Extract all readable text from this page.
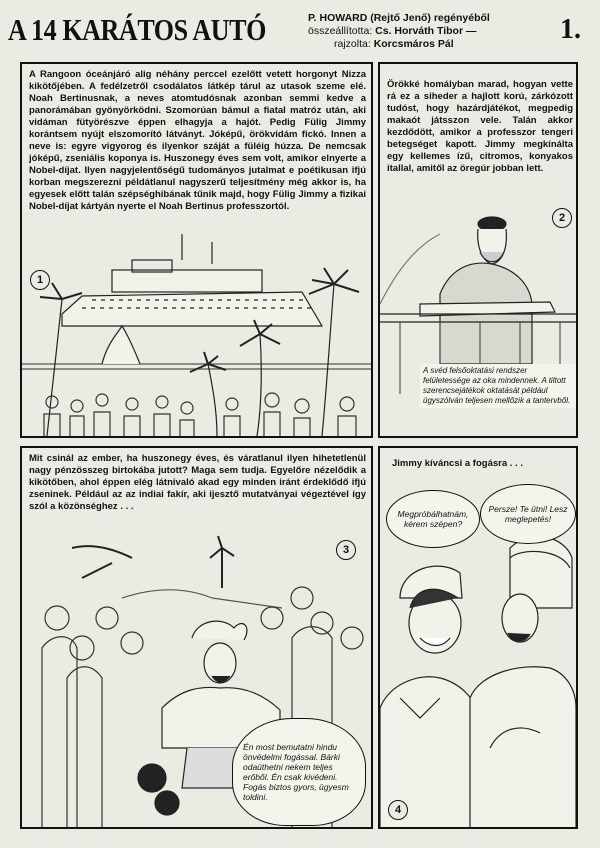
A 14 KARÁTOS AUTÓ	P. HOWARD (Rejtő Jenő) regényéből
összeállította: Cs. Horváth Tibor —
rajzolta: Korcsmáros Pál	1.
A Rangoon óceánjáró alig néhány perccel ezelőtt vetett horgonyt Nizza kikötőjében. A fedélzetről csodálatos látkép tárul az utasok szeme elé. Noah Bertinusnak, a neves atomtudósnak azonban semmi kedve a panorámában gyönyörködni. Szomorúan bámul a fiatal matróz után, aki vidáman fütyörészve éppen elhagyja a hajót. Pedig Fülig Jimmy korántsem nyújt elszomorító látványt. Jóképű, örökvidám fickó. Innen a neve is: egyre vigyorog és ilyenkor száját a füléig húzza. De nemcsak jóképű, zseniális koponya is. Huszonegy éves sem volt, amikor elnyerte a Nobel-díjat. Ilyen nagyjelentőségű tudományos jutalmat e poétikusan ifjú korban megszerezni példátlanul nagyszerű teljesítmény még akkor is, ha egyesek előtt talán szépséghibának tűnik majd, hogy Fülig Jimmy a fizikai Nobel-díjat kártyán nyerte el Noah Bertinus professzortól.
1
Örökké homályban marad, hogyan vette rá ez a siheder a hajlott korú, zárkózott tudóst, hogy hazárdjátékot, megpedig makaót játsszon vele. Talán akkor kezdődött, amikor a professzor tengeri betegséget kapott. Jimmy megkínálta egy kellemes ízű, citromos, konyakos itallal, amitől az öregúr jobban lett.
2
A svéd felsőoktatási rendszer felületessége az oka mindennek. A tiltott szerencsejátékok oktatását például úgyszólván teljesen mellőzik a tantervből.
Mit csinál az ember, ha huszonegy éves, és váratlanul ilyen hihetetlenül nagy pénzösszeg birtokába jutott? Maga sem tudja. Egyelőre nézelődik a kikötőben, ahol éppen elég látnivaló akad egy minden iránt érdeklődő ifjú zseninek. Például az az indiai fakír, aki ijesztő mutatványai végeztével így szól a közönséghez . . .
3
Én most bemutatni hindu önvédelmi fogással. Bárki odaüthetni nekem teljes erőből. Én csak kivédeni. Fogás biztos gyors, ügyesm toldini.
Jimmy kíváncsi a fogásra . . .
Megpróbálhatnám, kérem szépen?
Persze! Te ütni! Lesz meglepetés!
4
